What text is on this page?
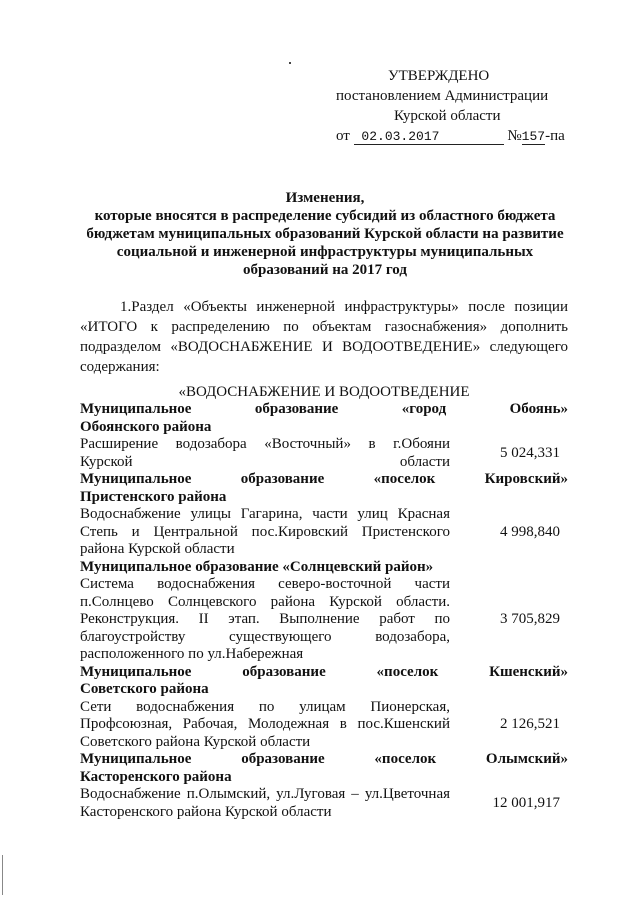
УТВЕРЖДЕНО
постановлением Администрации
Курской области
от 02.03.2017	№157-па
Изменения,
которые вносятся в распределение субсидий из областного бюджета
бюджетам муниципальных образований Курской области на развитие
социальной и инженерной инфраструктуры муниципальных
образований на 2017 год
1.Раздел «Объекты инженерной инфраструктуры» после позиции «ИТОГО к распределению по объектам газоснабжения» дополнить подразделом «ВОДОСНАБЖЕНИЕ И ВОДООТВЕДЕНИЕ» следующего содержания:
«ВОДОСНАБЖЕНИЕ И ВОДООТВЕДЕНИЕ
Муниципальное образование «город Обоянь»
Обоянского района
Расширение водозабора «Восточный» в г.Обояни Курской области
5 024,331
Муниципальное образование «поселок Кировский»
Пристенского района
Водоснабжение улицы Гагарина, части улиц Красная Степь и Центральной пос.Кировский Пристенского района Курской области
4 998,840
Муниципальное образование «Солнцевский район»
Система водоснабжения северо-восточной части п.Солнцево Солнцевского района Курской области. Реконструкция. II этап. Выполнение работ по благоустройству существующего водозабора, расположенного по ул.Набережная
3 705,829
Муниципальное образование «поселок Кшенский»
Советского района
Сети водоснабжения по улицам Пионерская, Профсоюзная, Рабочая, Молодежная в пос.Кшенский Советского района Курской области
2 126,521
Муниципальное образование «поселок Олымский»
Касторенского района
Водоснабжение п.Олымский, ул.Луговая – ул.Цветочная Касторенского района Курской области
12 001,917
